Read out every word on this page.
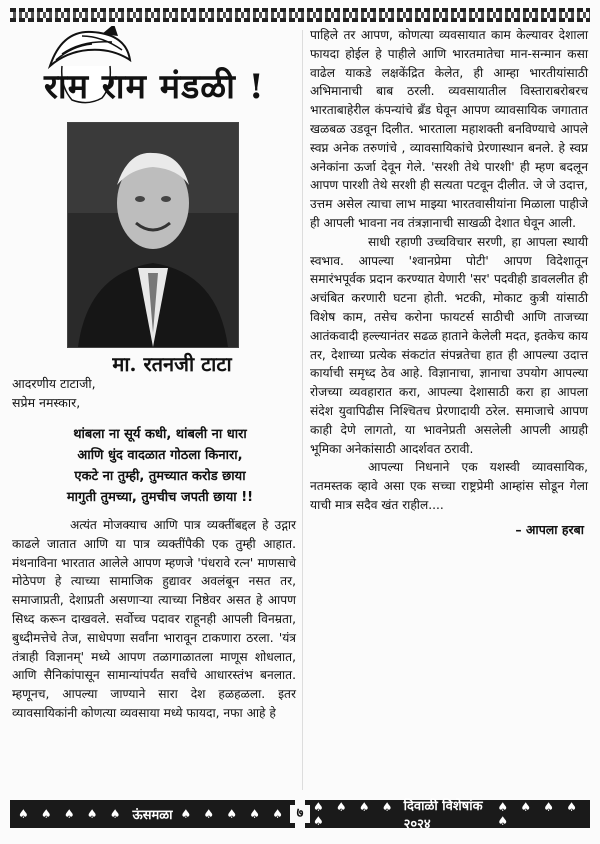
राम राम मंडळी !
मा. रतनजी टाटा
आदरणीय टाटाजी,
सप्रेम नमस्कार,
थांबला ना सूर्य कधी, थांबली ना धारा
आणि धुंद वादळात गोठला किनारा,
एकटे ना तुम्ही, तुमच्यात करोड छाया
मागुती तुमच्या, तुमचीच जपती छाया !!

अत्यंत मोजक्याच आणि पात्र व्यक्तींबद्दल हे उद्गार काढले जातात आणि या पात्र व्यक्तींपैकी एक तुम्ही आहात. मंथनाविना भारतात आलेले आपण म्हणजे 'पंधरावे रत्न' माणसाचे मोठेपण हे त्याच्या सामाजिक हुद्यावर अवलंबून नसत तर, समाजाप्रती, देशाप्रती असणाऱ्या त्याच्या निष्ठेवर असत हे आपण सिध्द करून दाखवले. सर्वोच्च पदावर राहूनही आपली विनम्रता, बुध्दीमत्तेचे तेज, साधेपणा सर्वांना भारावून टाकणारा ठरला. 'यंत्र तंत्राही विज्ञानम्' मध्ये आपण तळागाळातला माणूस शोधलात, आणि सैनिकांपासून सामान्यांपर्यंत सर्वांचे आधारस्तंभ बनलात. म्हणूनच, आपल्या जाण्याने सारा देश हळहळला. इतर व्यावसायिकांनी कोणत्या व्यवसाया मध्ये फायदा, नफा आहे हे

पाहिले तर आपण, कोणत्या व्यवसायात काम केल्यावर देशाला फायदा होईल हे पाहीले आणि भारतमातेचा मान-सन्मान कसा वाढेल याकडे लक्षकेंद्रित केलेत, ही आम्हा भारतीयांसाठी अभिमानाची बाब ठरली. व्यवसायातील विस्ताराबरोबरच भारताबाहेरील कंपन्यांचे ब्रँड घेवून आपण व्यावसायिक जगातात खळबळ उडवून दिलीत. भारताला महाशक्ती बनविण्याचे आपले स्वप्न अनेक तरुणांचे , व्यावसायिकांचे प्रेरणास्थान बनले. हे स्वप्न अनेकांना ऊर्जा देवून गेले. 'सरशी तेथे पारशी' ही म्हण बदलून आपण पारशी तेथे सरशी ही सत्यता पटवून दीलीत. जे जे उदात्त, उत्तम असेल त्याचा लाभ माझ्या भारतवासीयांना मिळाला पाहीजे ही आपली भावना नव तंत्रज्ञानाची साखळी देशात घेवून आली.

साधी रहाणी उच्चविचार सरणी, हा आपला स्थायी स्वभाव. आपल्या 'श्वानप्रेमा पोटी' आपण विदेशातून समारंभपूर्वक प्रदान करण्यात येणारी 'सर' पदवीही डावललीत ही अचंबित करणारी घटना होती. भटकी, मोकाट कुत्री यांसाठी विशेष काम, तसेच करोना फायटर्स साठीची आणि ताजच्या आतंकवादी हल्ल्यानंतर सढळ हाताने केलेली मदत, इतकेच काय तर, देशाच्या प्रत्येक संकटांत संपन्नतेचा हात ही आपल्या उदात्त कार्याची समृध्द ठेव आहे. विज्ञानाचा, ज्ञानाचा उपयोग आपल्या रोजच्या व्यवहारात करा, आपल्या देशासाठी करा हा आपला संदेश युवापिढीस निश्चितच प्रेरणादायी ठरेल. समाजाचे आपण काही देणे लागतो, या भावनेप्रती असलेली आपली आग्रही भूमिका अनेकांसाठी आदर्शवत ठरावी.

आपल्या निधनाने एक यशस्वी व्यावसायिक, नतमस्तक व्हावे असा एक सच्चा राष्ट्रप्रेमी आम्हांस सोडून गेला याची मात्र सदैव खंत राहील....

– आपला हरबा
♠ ♠ ♠ ♠ ♠ ऊंसमळा ♠ ♠ ♠ ♠ ♠ ♠ ♠ ♠ ♠ ♠
दिवाळी विशेषांक २०२४
♠ ♠ ♠ ♠ ♠
७
